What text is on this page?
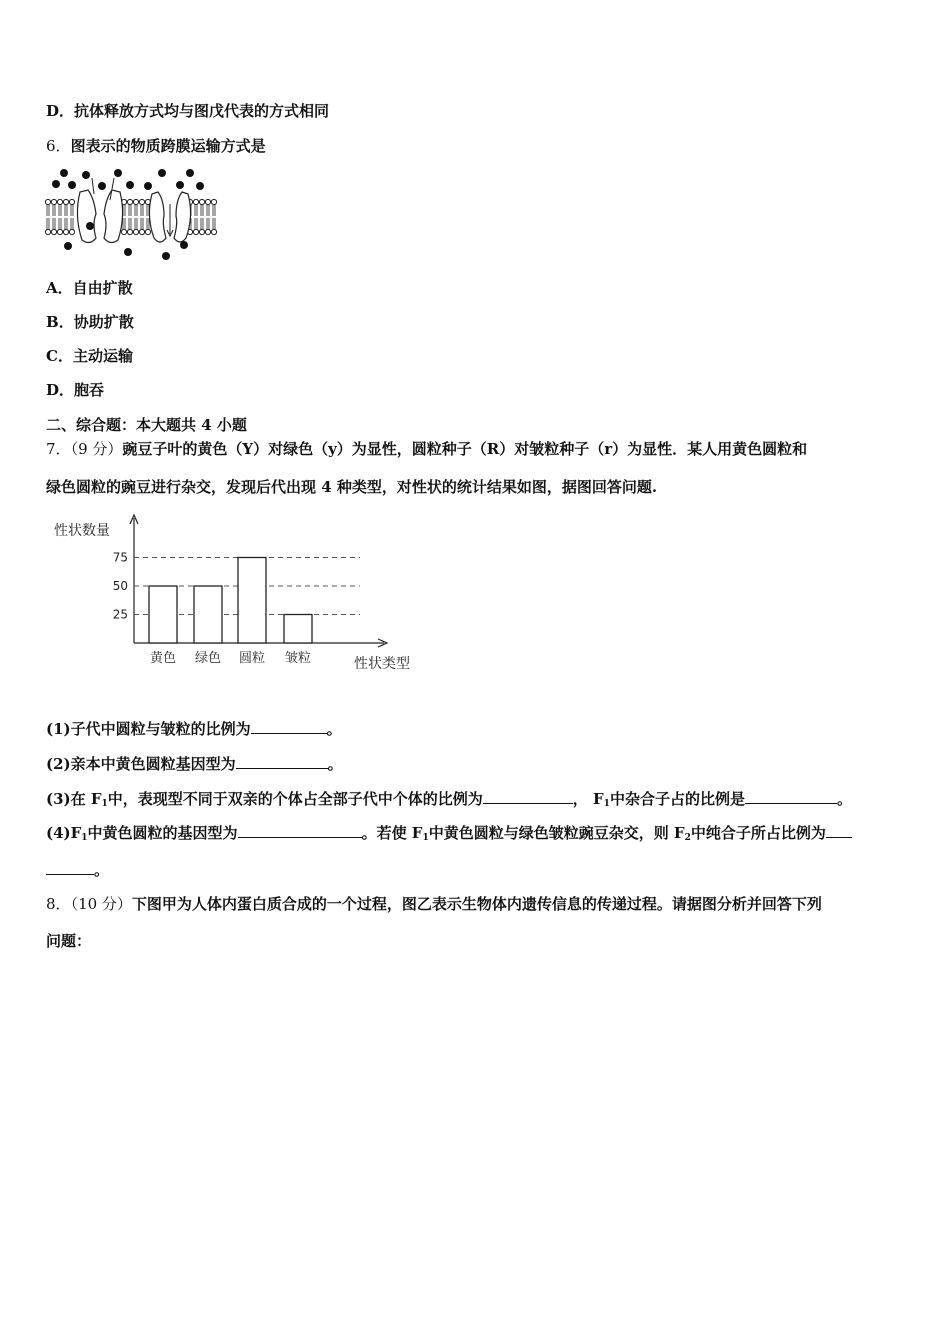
D．抗体释放方式均与图戊代表的方式相同
6．图表示的物质跨膜运输方式是
A．自由扩散
B．协助扩散
C．主动运输
D．胞吞
二、综合题：本大题共 4 小题
7．（9 分）豌豆子叶的黄色（Y）对绿色（y）为显性，圆粒种子（R）对皱粒种子（r）为显性．某人用黄色圆粒和
绿色圆粒的豌豆进行杂交，发现后代出现 4 种类型，对性状的统计结果如图，据图回答问题.
性状数量
25
50
75
黄色 绿色 圆粒 皱粒	性状类型
(1)子代中圆粒与皱粒的比例为	。
(2)亲本中黄色圆粒基因型为	。
(3)在 $F_1$中，表现型不同于双亲的个体占全部子代中个体的比例为	， $F_1$中杂合子占的比例是	。
$(4)F_1$中黄色圆粒的基因型为	。若使 $F_1$中黄色圆粒与绿色皱粒豌豆杂交，则 $F_2$中纯合子所占比例为
。
8．（10 分）下图甲为人体内蛋白质合成的一个过程，图乙表示生物体内遗传信息的传递过程。请据图分析并回答下列
问题：
